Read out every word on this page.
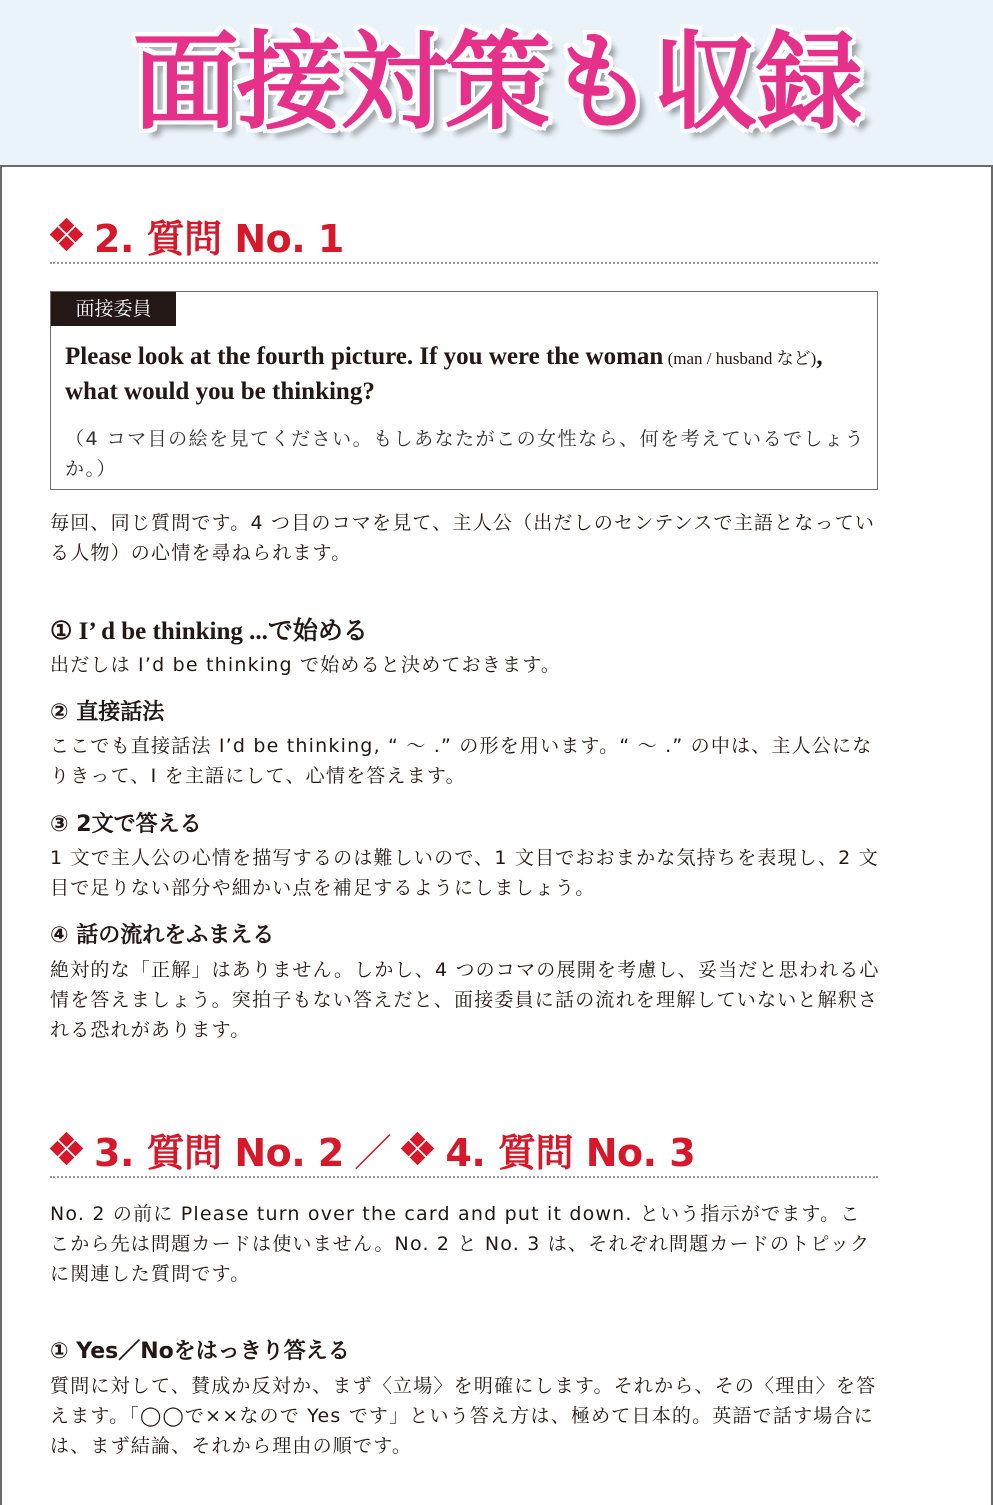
面接対策も収録
2. 質問 No. 1
面接委員
Please look at the fourth picture. If you were the woman (man / husband など), what would you be thinking?
（4 コマ目の絵を見てください。もしあなたがこの女性なら、何を考えているでしょうか。）
毎回、同じ質問です。4 つ目のコマを見て、主人公（出だしのセンテンスで主語となっている人物）の心情を尋ねられます。
① I’ d be thinking ...で始める
出だしは I’d be thinking で始めると決めておきます。
② 直接話法
ここでも直接話法 I’d be thinking, “ ～ .” の形を用います。“ ～ .” の中は、主人公になりきって、I を主語にして、心情を答えます。
③ 2文で答える
1 文で主人公の心情を描写するのは難しいので、1 文目でおおまかな気持ちを表現し、2 文目で足りない部分や細かい点を補足するようにしましょう。
④ 話の流れをふまえる
絶対的な「正解」はありません。しかし、4 つのコマの展開を考慮し、妥当だと思われる心情を答えましょう。突拍子もない答えだと、面接委員に話の流れを理解していないと解釈される恐れがあります。
3. 質問 No. 2 ／ 4. 質問 No. 3
No. 2 の前に Please turn over the card and put it down. という指示がでます。ここから先は問題カードは使いません。No. 2 と No. 3 は、それぞれ問題カードのトピックに関連した質問です。
① Yes／Noをはっきり答える
質問に対して、賛成か反対か、まず〈立場〉を明確にします。それから、その〈理由〉を答えます。「◯◯で××なので Yes です」という答え方は、極めて日本的。英語で話す場合には、まず結論、それから理由の順です。
